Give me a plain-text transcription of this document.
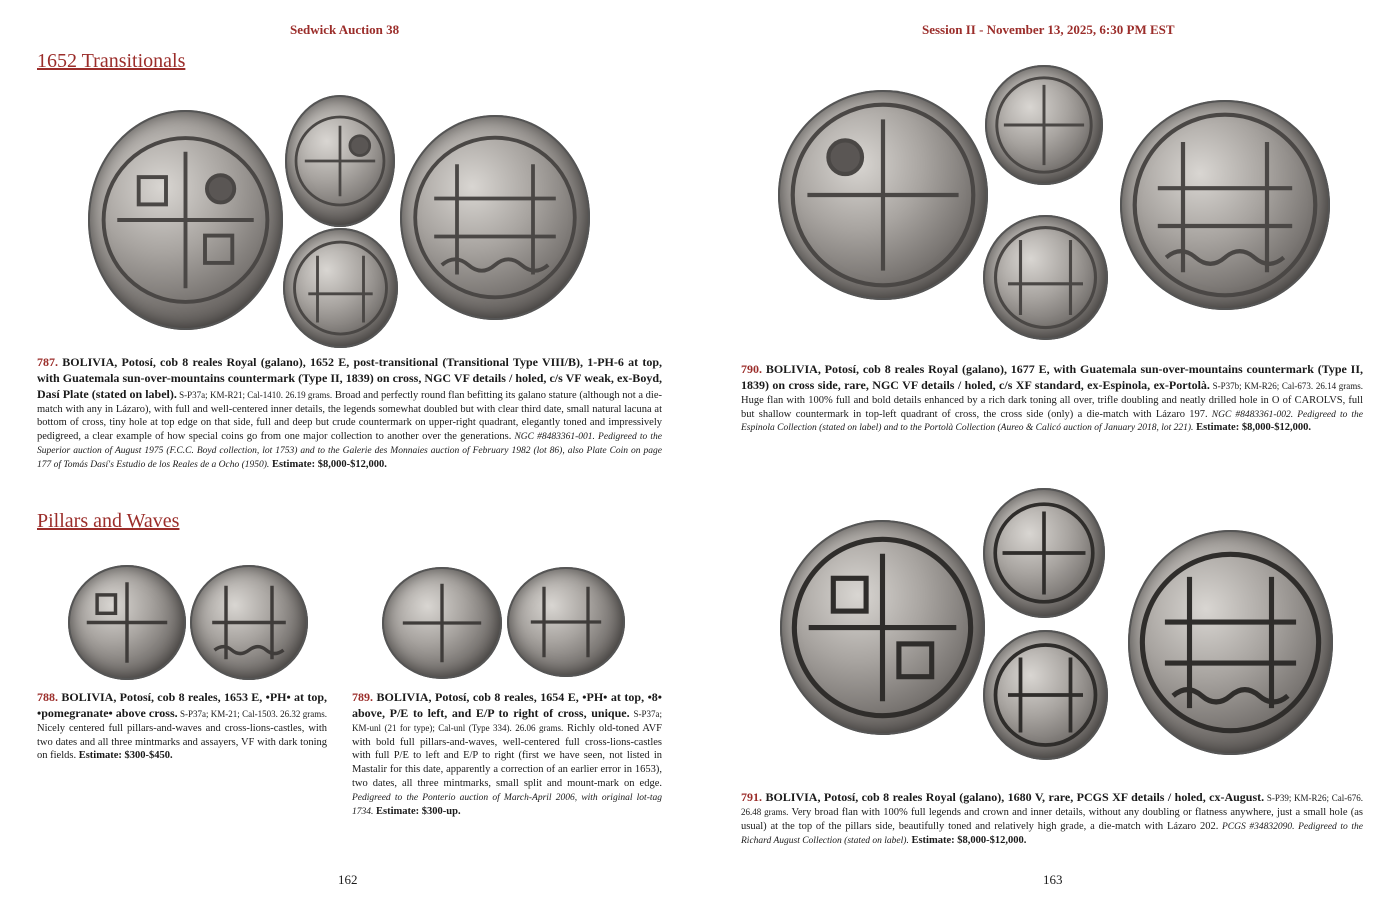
Sedwick Auction 38
1652 Transitionals
787. BOLIVIA, Potosí, cob 8 reales Royal (galano), 1652 E, post-transitional (Transitional Type VIII/B), 1-PH-6 at top, with Guatemala sun-over-mountains countermark (Type II, 1839) on cross, NGC VF details / holed, c/s VF weak, ex-Boyd, Dasí Plate (stated on label). S-P37a; KM-R21; Cal-1410. 26.19 grams. Broad and perfectly round flan befitting its galano stature (although not a die-match with any in Lázaro), with full and well-centered inner details, the legends somewhat doubled but with clear third date, small natural lacuna at bottom of cross, tiny hole at top edge on that side, full and deep but crude countermark on upper-right quadrant, elegantly toned and impressively pedigreed, a clear example of how special coins go from one major collection to another over the generations. NGC #8483361-001. Pedigreed to the Superior auction of August 1975 (F.C.C. Boyd collection, lot 1753) and to the Galerie des Monnaies auction of February 1982 (lot 86), also Plate Coin on page 177 of Tomás Dasí's Estudio de los Reales de a Ocho (1950). Estimate: $8,000-$12,000.
Pillars and Waves
788. BOLIVIA, Potosí, cob 8 reales, 1653 E, •PH• at top, •pomegranate• above cross. S-P37a; KM-21; Cal-1503. 26.32 grams. Nicely centered full pillars-and-waves and cross-lions-castles, with two dates and all three mintmarks and assayers, VF with dark toning on fields. Estimate: $300-$450.
789. BOLIVIA, Potosí, cob 8 reales, 1654 E, •PH• at top, •8• above, P/E to left, and E/P to right of cross, unique. S-P37a; KM-unl (21 for type); Cal-unl (Type 334). 26.06 grams. Richly old-toned AVF with bold full pillars-and-waves, well-centered full cross-lions-castles with full P/E to left and E/P to right (first we have seen, not listed in Mastalir for this date, apparently a correction of an earlier error in 1653), two dates, all three mintmarks, small split and mount-mark on edge. Pedigreed to the Ponterio auction of March-April 2006, with original lot-tag 1734. Estimate: $300-up.
162
Session II - November 13, 2025, 6:30 PM EST
790. BOLIVIA, Potosí, cob 8 reales Royal (galano), 1677 E, with Guatemala sun-over-mountains countermark (Type II, 1839) on cross side, rare, NGC VF details / holed, c/s XF standard, ex-Espinola, ex-Portolà. S-P37b; KM-R26; Cal-673. 26.14 grams. Huge flan with 100% full and bold details enhanced by a rich dark toning all over, trifle doubling and neatly drilled hole in O of CAROLVS, full but shallow countermark in top-left quadrant of cross, the cross side (only) a die-match with Lázaro 197. NGC #8483361-002. Pedigreed to the Espinola Collection (stated on label) and to the Portolà Collection (Aureo & Calicó auction of January 2018, lot 221). Estimate: $8,000-$12,000.
791. BOLIVIA, Potosí, cob 8 reales Royal (galano), 1680 V, rare, PCGS XF details / holed, cx-August. S-P39; KM-R26; Cal-676. 26.48 grams. Very broad flan with 100% full legends and crown and inner details, without any doubling or flatness anywhere, just a small hole (as usual) at the top of the pillars side, beautifully toned and relatively high grade, a die-match with Lázaro 202. PCGS #34832090. Pedigreed to the Richard August Collection (stated on label). Estimate: $8,000-$12,000.
163
